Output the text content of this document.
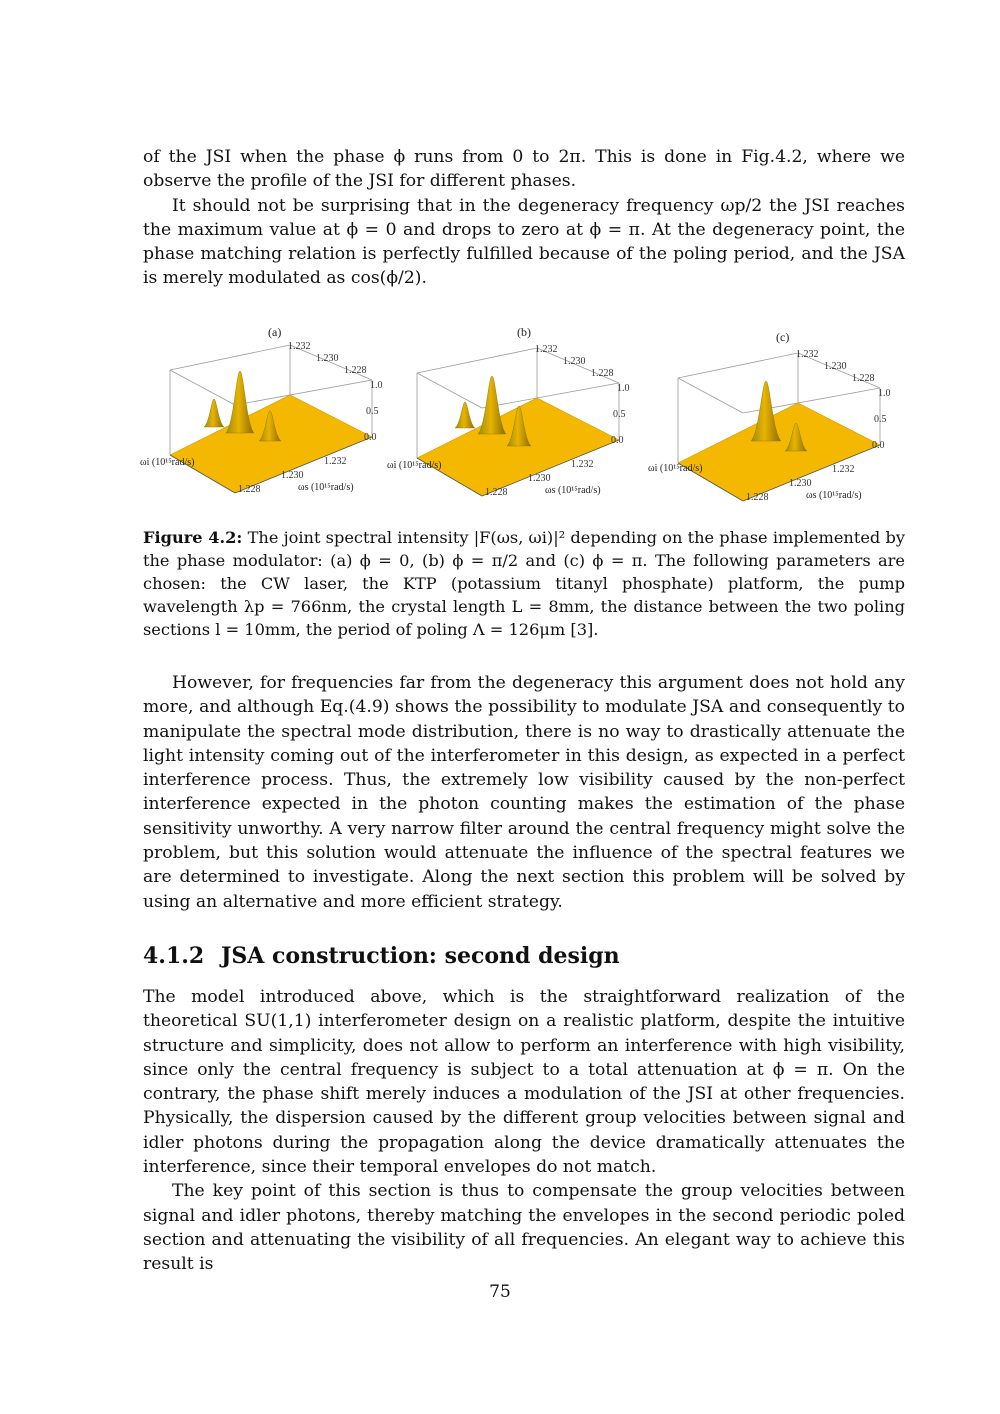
of the JSI when the phase ϕ runs from 0 to 2π. This is done in Fig.4.2, where we observe the profile of the JSI for different phases.

It should not be surprising that in the degeneracy frequency ωp/2 the JSI reaches the maximum value at ϕ = 0 and drops to zero at ϕ = π. At the degeneracy point, the phase matching relation is perfectly fulfilled because of the poling period, and the JSA is merely modulated as cos(ϕ/2).

(a)
1.232
1.230
1.228
1.0
0.5
0.0
1.228
1.230
1.232
ωi (10¹⁵rad/s)
ωs (10¹⁵rad/s)
(b)
1.232
1.230
1.228
1.0
0.5
0.0
1.228
1.230
1.232
ωi (10¹⁵rad/s)
ωs (10¹⁵rad/s)
(c)
1.232
1.230
1.228
1.0
0.5
0.0
1.228
1.230
1.232
ωi (10¹⁵rad/s)
ωs (10¹⁵rad/s)
Figure 4.2: The joint spectral intensity |F(ωs, ωi)|² depending on the phase implemented by the phase modulator: (a) ϕ = 0, (b) ϕ = π/2 and (c) ϕ = π. The following parameters are chosen: the CW laser, the KTP (potassium titanyl phosphate) platform, the pump wavelength λp = 766nm, the crystal length L = 8mm, the distance between the two poling sections l = 10mm, the period of poling Λ = 126μm [3].

However, for frequencies far from the degeneracy this argument does not hold any more, and although Eq.(4.9) shows the possibility to modulate JSA and consequently to manipulate the spectral mode distribution, there is no way to drastically attenuate the light intensity coming out of the interferometer in this design, as expected in a perfect interference process. Thus, the extremely low visibility caused by the non-perfect interference expected in the photon counting makes the estimation of the phase sensitivity unworthy. A very narrow filter around the central frequency might solve the problem, but this solution would attenuate the influence of the spectral features we are determined to investigate. Along the next section this problem will be solved by using an alternative and more efficient strategy.

4.1.2 JSA construction: second design

The model introduced above, which is the straightforward realization of the theoretical SU(1,1) interferometer design on a realistic platform, despite the intuitive structure and simplicity, does not allow to perform an interference with high visibility, since only the central frequency is subject to a total attenuation at ϕ = π. On the contrary, the phase shift merely induces a modulation of the JSI at other frequencies. Physically, the dispersion caused by the different group velocities between signal and idler photons during the propagation along the device dramatically attenuates the interference, since their temporal envelopes do not match.

The key point of this section is thus to compensate the group velocities between signal and idler photons, thereby matching the envelopes in the second periodic poled section and attenuating the visibility of all frequencies. An elegant way to achieve this result is

75
